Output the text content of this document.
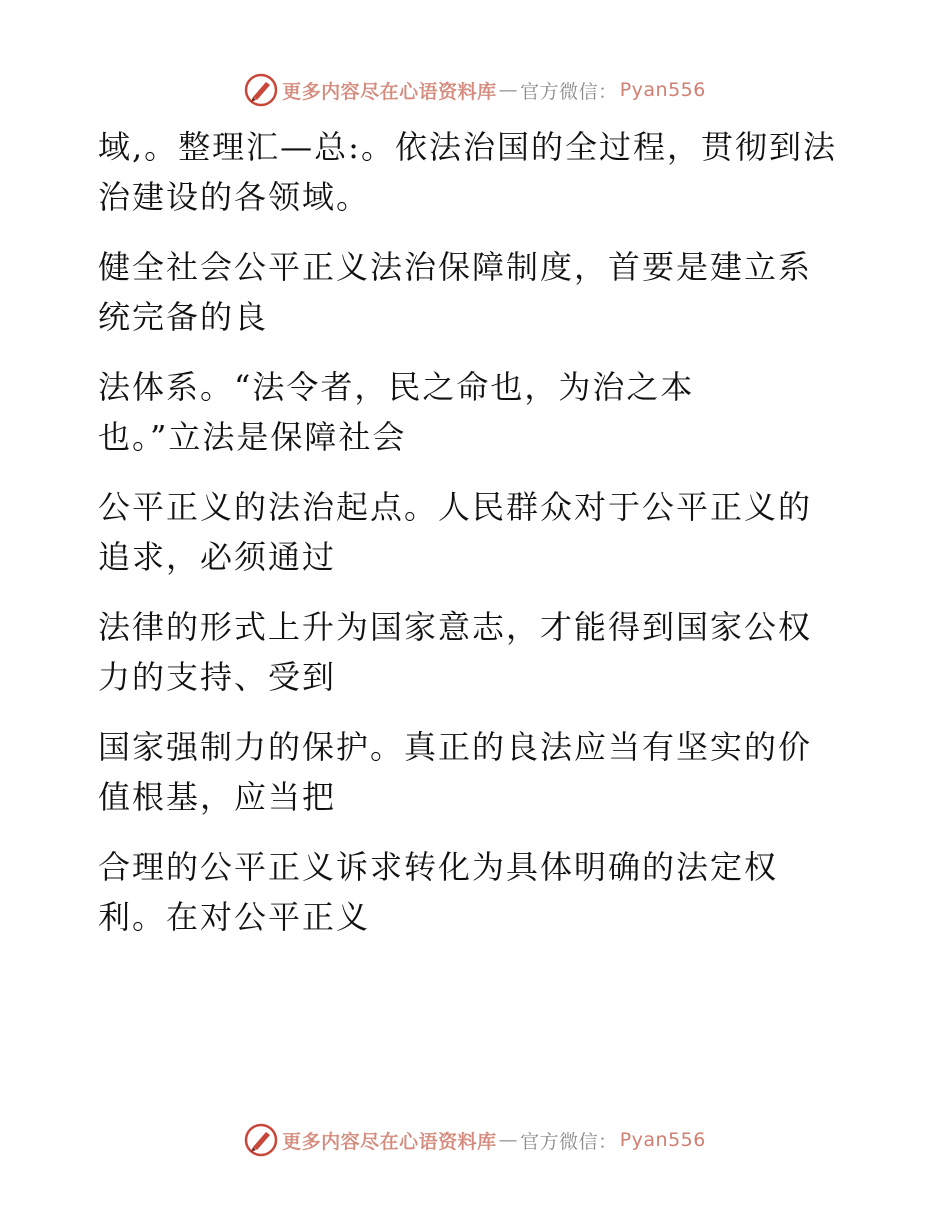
更多内容尽在心语资料库 — 官方微信： Pyan556
域,。整理汇—总:。依法治国的全过程，贯彻到法
治建设的各领域。
健全社会公平正义法治保障制度，首要是建立系
统完备的良
法体系。“法令者，民之命也，为治之本
也。”立法是保障社会
公平正义的法治起点。人民群众对于公平正义的
追求，必须通过
法律的形式上升为国家意志，才能得到国家公权
力的支持、受到
国家强制力的保护。真正的良法应当有坚实的价
值根基，应当把
合理的公平正义诉求转化为具体明确的法定权
利。在对公平正义
更多内容尽在心语资料库 — 官方微信： Pyan556
